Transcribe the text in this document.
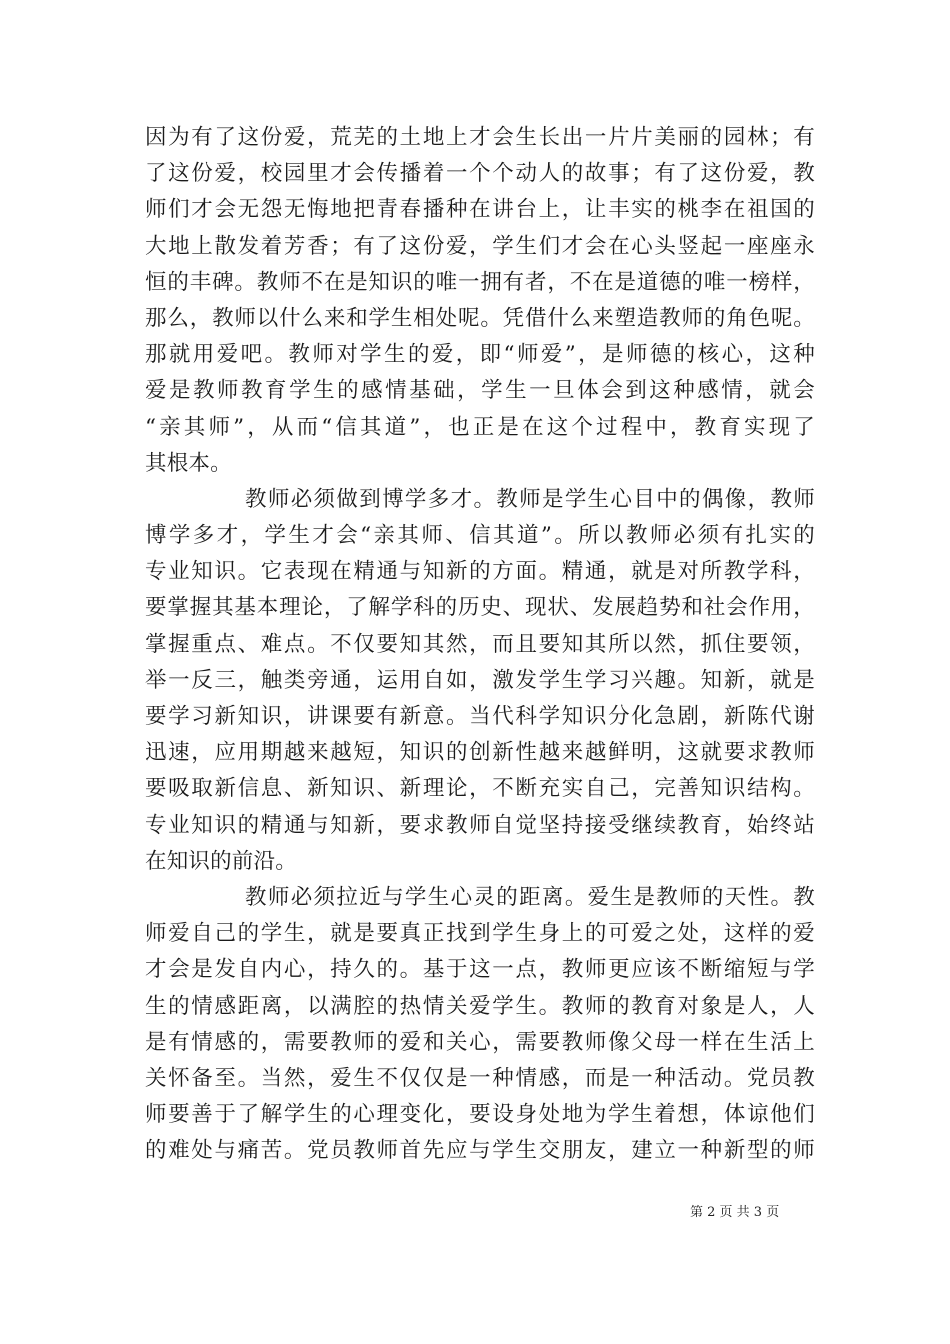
因为有了这份爱，荒芜的土地上才会生长出一片片美丽的园林；有
了这份爱，校园里才会传播着一个个动人的故事；有了这份爱，教
师们才会无怨无悔地把青春播种在讲台上，让丰实的桃李在祖国的
大地上散发着芳香；有了这份爱，学生们才会在心头竖起一座座永
恒的丰碑。教师不在是知识的唯一拥有者，不在是道德的唯一榜样，
那么，教师以什么来和学生相处呢。凭借什么来塑造教师的角色呢。
那就用爱吧。教师对学生的爱，即“师爱”，是师德的核心，这种
爱是教师教育学生的感情基础，学生一旦体会到这种感情，就会
“亲其师”，从而“信其道”，也正是在这个过程中，教育实现了
其根本。
教师必须做到博学多才。教师是学生心目中的偶像，教师
博学多才，学生才会“亲其师、信其道”。所以教师必须有扎实的
专业知识。它表现在精通与知新的方面。精通，就是对所教学科，
要掌握其基本理论，了解学科的历史、现状、发展趋势和社会作用，
掌握重点、难点。不仅要知其然，而且要知其所以然，抓住要领，
举一反三，触类旁通，运用自如，激发学生学习兴趣。知新，就是
要学习新知识，讲课要有新意。当代科学知识分化急剧，新陈代谢
迅速，应用期越来越短，知识的创新性越来越鲜明，这就要求教师
要吸取新信息、新知识、新理论，不断充实自己，完善知识结构。
专业知识的精通与知新，要求教师自觉坚持接受继续教育，始终站
在知识的前沿。
教师必须拉近与学生心灵的距离。爱生是教师的天性。教
师爱自己的学生，就是要真正找到学生身上的可爱之处，这样的爱
才会是发自内心，持久的。基于这一点，教师更应该不断缩短与学
生的情感距离，以满腔的热情关爱学生。教师的教育对象是人，人
是有情感的，需要教师的爱和关心，需要教师像父母一样在生活上
关怀备至。当然，爱生不仅仅是一种情感，而是一种活动。党员教
师要善于了解学生的心理变化，要设身处地为学生着想，体谅他们
的难处与痛苦。党员教师首先应与学生交朋友，建立一种新型的师
第 2 页 共 3 页
